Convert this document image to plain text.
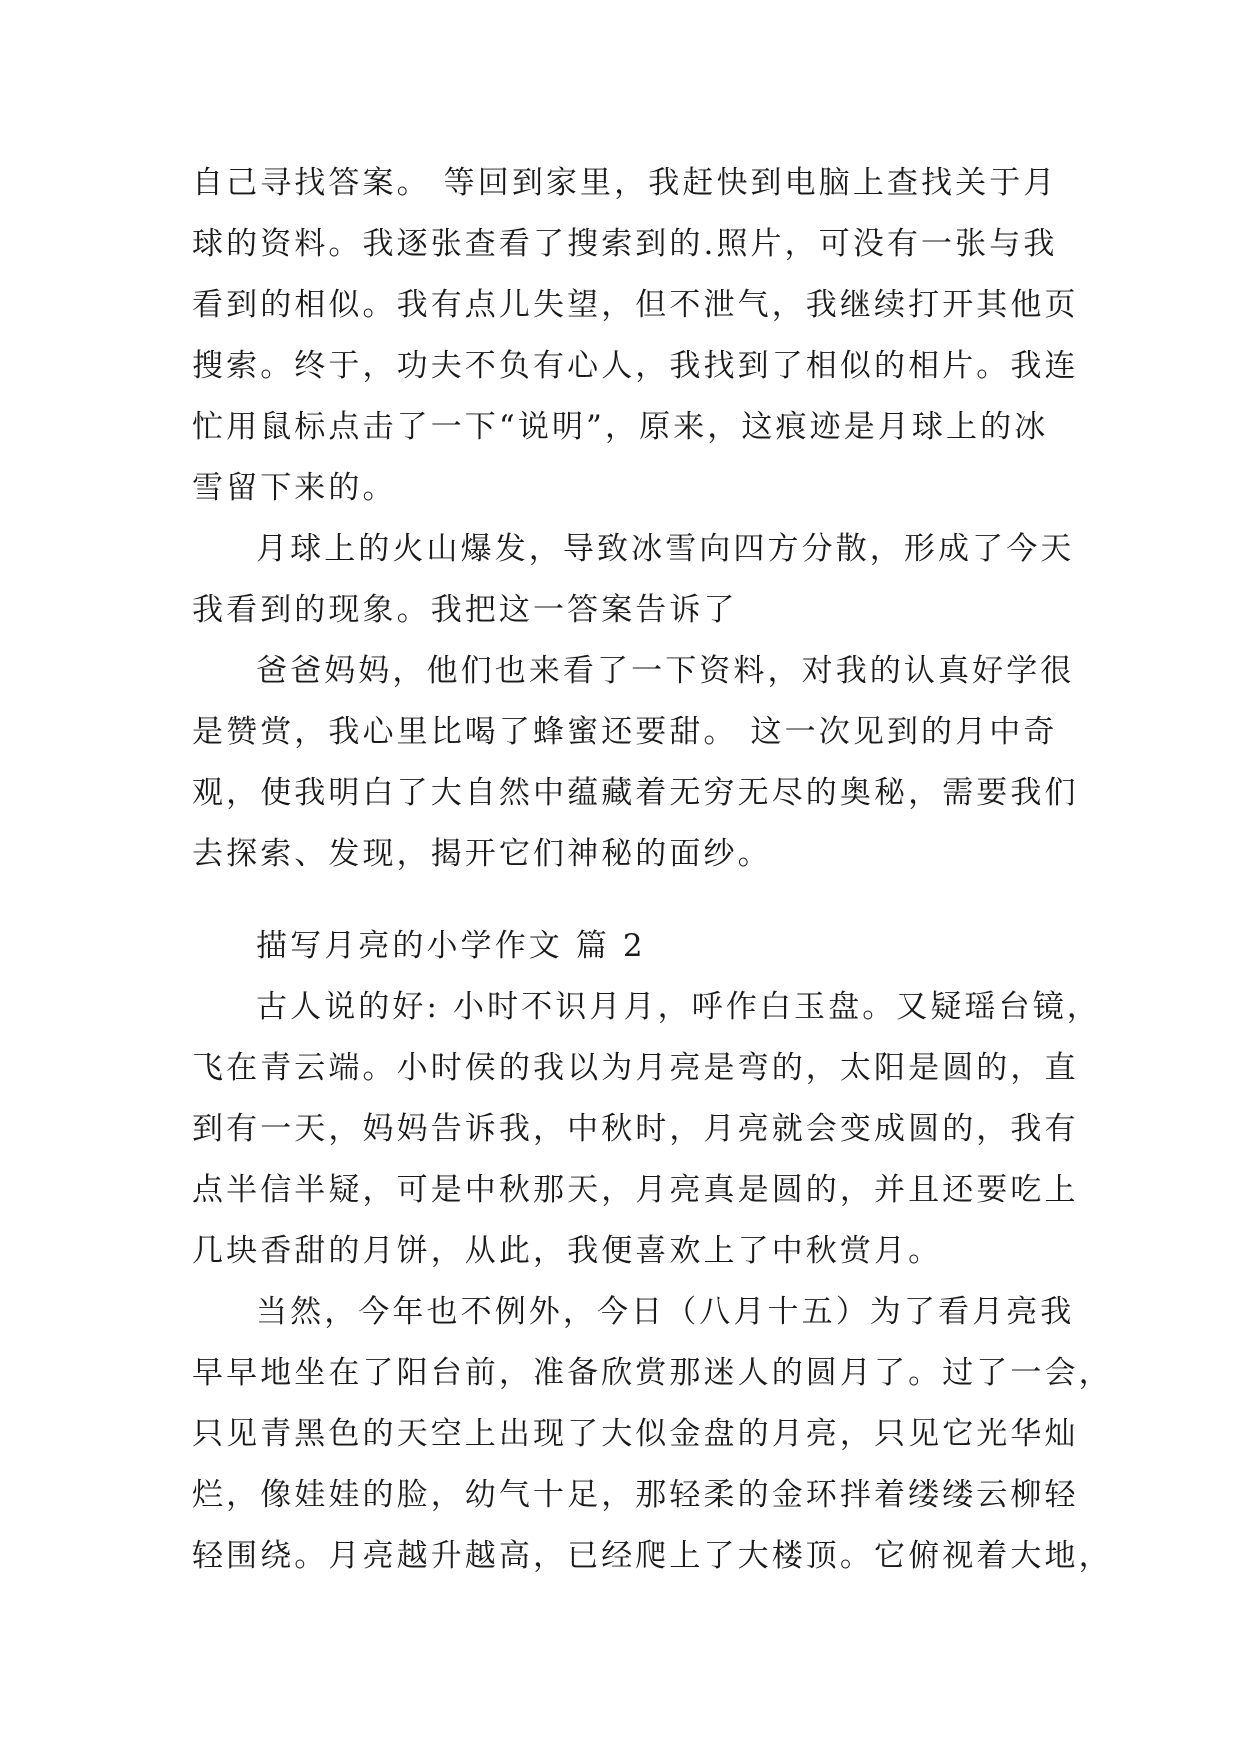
自己寻找答案。 等回到家里，我赶快到电脑上查找关于月
球的资料。我逐张查看了搜索到的.照片，可没有一张与我
看到的相似。我有点儿失望，但不泄气，我继续打开其他页
搜索。终于，功夫不负有心人，我找到了相似的相片。我连
忙用鼠标点击了一下“说明”，原来，这痕迹是月球上的冰
雪留下来的。
月球上的火山爆发，导致冰雪向四方分散，形成了今天
我看到的现象。我把这一答案告诉了
爸爸妈妈，他们也来看了一下资料，对我的认真好学很
是赞赏，我心里比喝了蜂蜜还要甜。 这一次见到的月中奇
观，使我明白了大自然中蕴藏着无穷无尽的奥秘，需要我们
去探索、发现，揭开它们神秘的面纱。
描写月亮的小学作文 篇 2
古人说的好: 小时不识月月，呼作白玉盘。又疑瑶台镜，
飞在青云端。小时侯的我以为月亮是弯的，太阳是圆的，直
到有一天，妈妈告诉我，中秋时，月亮就会变成圆的，我有
点半信半疑，可是中秋那天，月亮真是圆的，并且还要吃上
几块香甜的月饼，从此，我便喜欢上了中秋赏月。
当然，今年也不例外，今日（八月十五）为了看月亮我
早早地坐在了阳台前，准备欣赏那迷人的圆月了。过了一会，
只见青黑色的天空上出现了大似金盘的月亮，只见它光华灿
烂，像娃娃的脸，幼气十足，那轻柔的金环拌着缕缕云柳轻
轻围绕。月亮越升越高，已经爬上了大楼顶。它俯视着大地，
